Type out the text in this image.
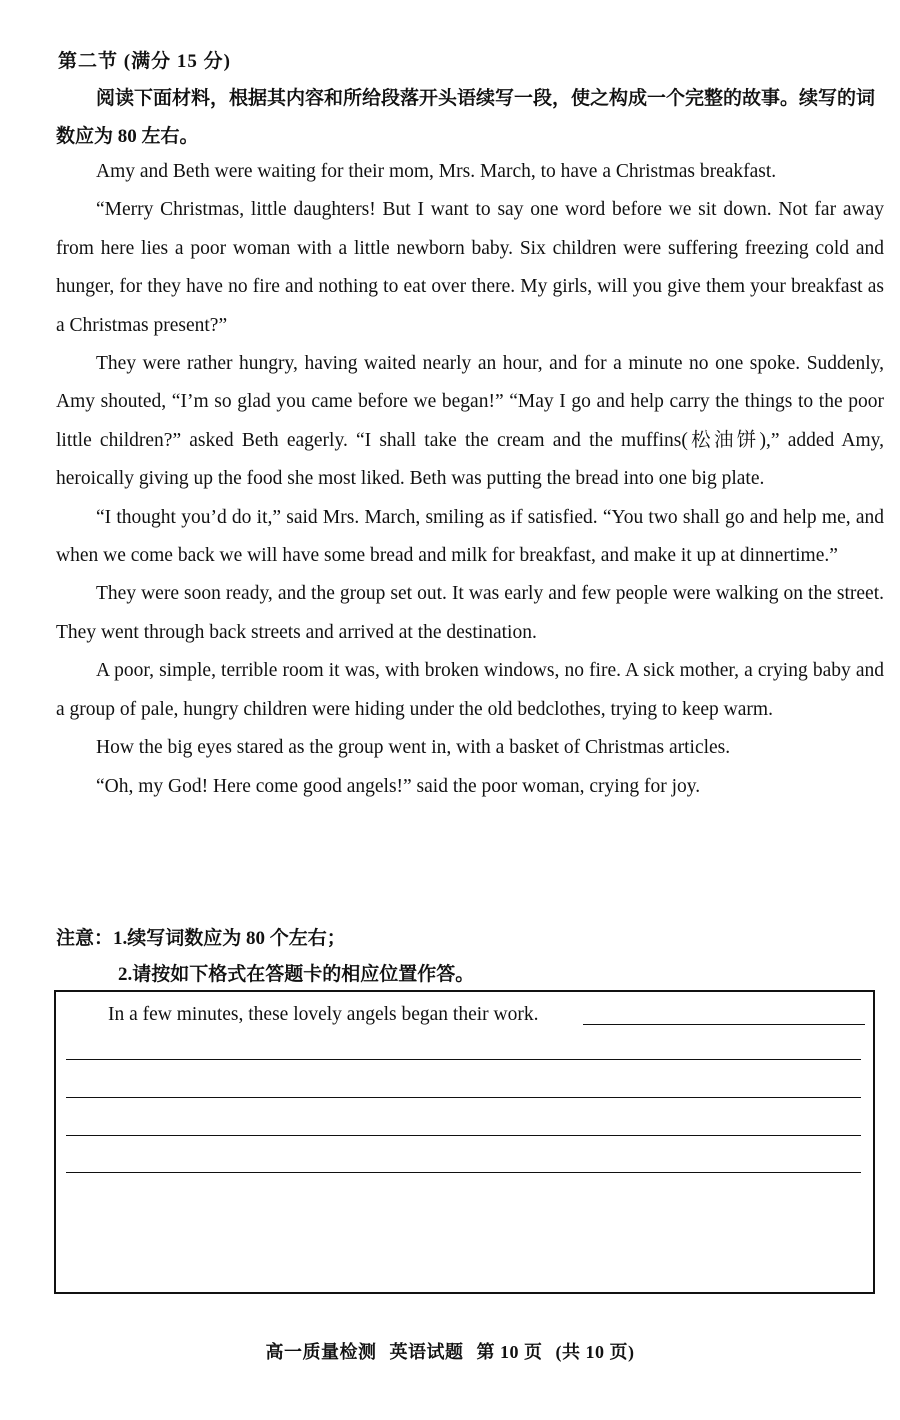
第二节 (满分 15 分)

阅读下面材料，根据其内容和所给段落开头语续写一段，使之构成一个完整的故事。续写的词数应为 80 左右。

Amy and Beth were waiting for their mom, Mrs. March, to have a Christmas breakfast.

“Merry Christmas, little daughters! But I want to say one word before we sit down. Not far away from here lies a poor woman with a little newborn baby. Six children were suffering freezing cold and hunger, for they have no fire and nothing to eat over there. My girls, will you give them your breakfast as a Christmas present?”

They were rather hungry, having waited nearly an hour, and for a minute no one spoke. Suddenly, Amy shouted, “I’m so glad you came before we began!” “May I go and help carry the things to the poor little children?” asked Beth eagerly. “I shall take the cream and the muffins(松油饼),” added Amy, heroically giving up the food she most liked. Beth was putting the bread into one big plate.

“I thought you’d do it,” said Mrs. March, smiling as if satisfied. “You two shall go and help me, and when we come back we will have some bread and milk for breakfast, and make it up at dinnertime.”

They were soon ready, and the group set out. It was early and few people were walking on the street. They went through back streets and arrived at the destination.

A poor, simple, terrible room it was, with broken windows, no fire. A sick mother, a crying baby and a group of pale, hungry children were hiding under the old bedclothes, trying to keep warm.

How the big eyes stared as the group went in, with a basket of Christmas articles.

“Oh, my God! Here come good angels!” said the poor woman, crying for joy.

注意：1.续写词数应为 80 个左右；
2.请按如下格式在答题卡的相应位置作答。
In a few minutes, these lovely angels began their work.
高一质量检测 英语试题 第 10 页 (共 10 页)
